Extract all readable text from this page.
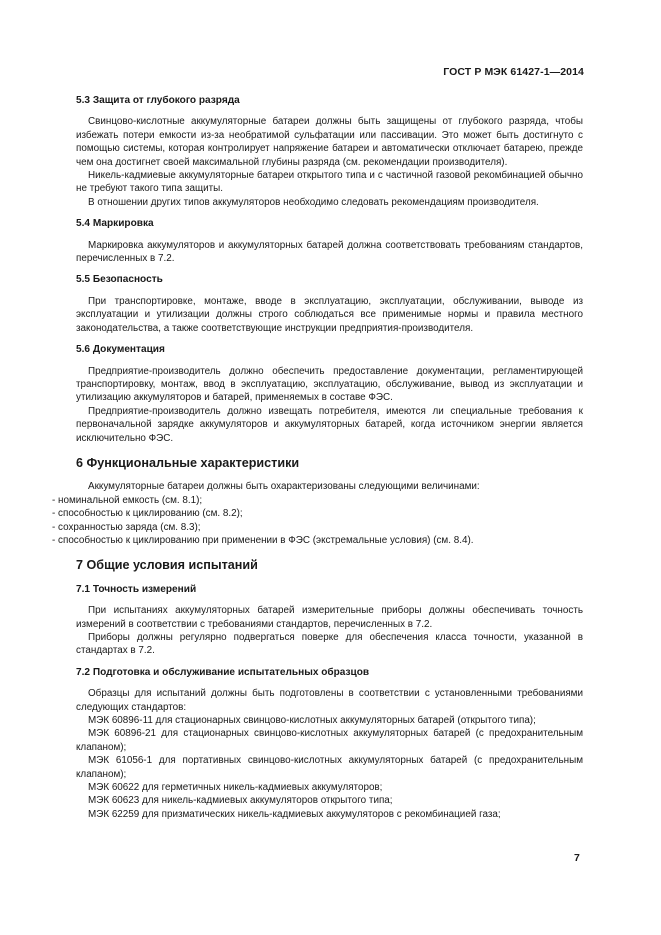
ГОСТ Р МЭК 61427-1—2014
5.3 Защита от глубокого разряда

Свинцово-кислотные аккумуляторные батареи должны быть защищены от глубокого разряда, чтобы избежать потери емкости из-за необратимой сульфатации или пассивации. Это может быть достигнуто с помощью системы, которая контролирует напряжение батареи и автоматически отключает батарею, прежде чем она достигнет своей максимальной глубины разряда (см. рекомендации производителя).

Никель-кадмиевые аккумуляторные батареи открытого типа и с частичной газовой рекомбинацией обычно не требуют такого типа защиты.

В отношении других типов аккумуляторов необходимо следовать рекомендациям производителя.

5.4 Маркировка

Маркировка аккумуляторов и аккумуляторных батарей должна соответствовать требованиям стандартов, перечисленных в 7.2.

5.5 Безопасность

При транспортировке, монтаже, вводе в эксплуатацию, эксплуатации, обслуживании, выводе из эксплуатации и утилизации должны строго соблюдаться все применимые нормы и правила местного законодательства, а также соответствующие инструкции предприятия-производителя.

5.6 Документация

Предприятие-производитель должно обеспечить предоставление документации, регламентирующей транспортировку, монтаж, ввод в эксплуатацию, эксплуатацию, обслуживание, вывод из эксплуатации и утилизацию аккумуляторов и батарей, применяемых в составе ФЭС.

Предприятие-производитель должно извещать потребителя, имеются ли специальные требования к первоначальной зарядке аккумуляторов и аккумуляторных батарей, когда источником энергии является исключительно ФЭС.

6 Функциональные характеристики

Аккумуляторные батареи должны быть охарактеризованы следующими величинами:

- номинальной емкость (см. 8.1);

- способностью к циклированию (см. 8.2);

- сохранностью заряда (см. 8.3);

- способностью к циклированию при применении в ФЭС (экстремальные условия) (см. 8.4).

7 Общие условия испытаний
7.1 Точность измерений

При испытаниях аккумуляторных батарей измерительные приборы должны обеспечивать точность измерений в соответствии с требованиями стандартов, перечисленных в 7.2.

Приборы должны регулярно подвергаться поверке для обеспечения класса точности, указанной в стандартах в 7.2.

7.2 Подготовка и обслуживание испытательных образцов

Образцы для испытаний должны быть подготовлены в соответствии с установленными требованиями следующих стандартов:

МЭК 60896-11 для стационарных свинцово-кислотных аккумуляторных батарей (открытого типа);

МЭК 60896-21 для стационарных свинцово-кислотных аккумуляторных батарей (с предохранительным клапаном);

МЭК 61056-1 для портативных свинцово-кислотных аккумуляторных батарей (с предохранительным клапаном);

МЭК 60622 для герметичных никель-кадмиевых аккумуляторов;

МЭК 60623 для никель-кадмиевых аккумуляторов открытого типа;

МЭК 62259 для призматических никель-кадмиевых аккумуляторов с рекомбинацией газа;

7
